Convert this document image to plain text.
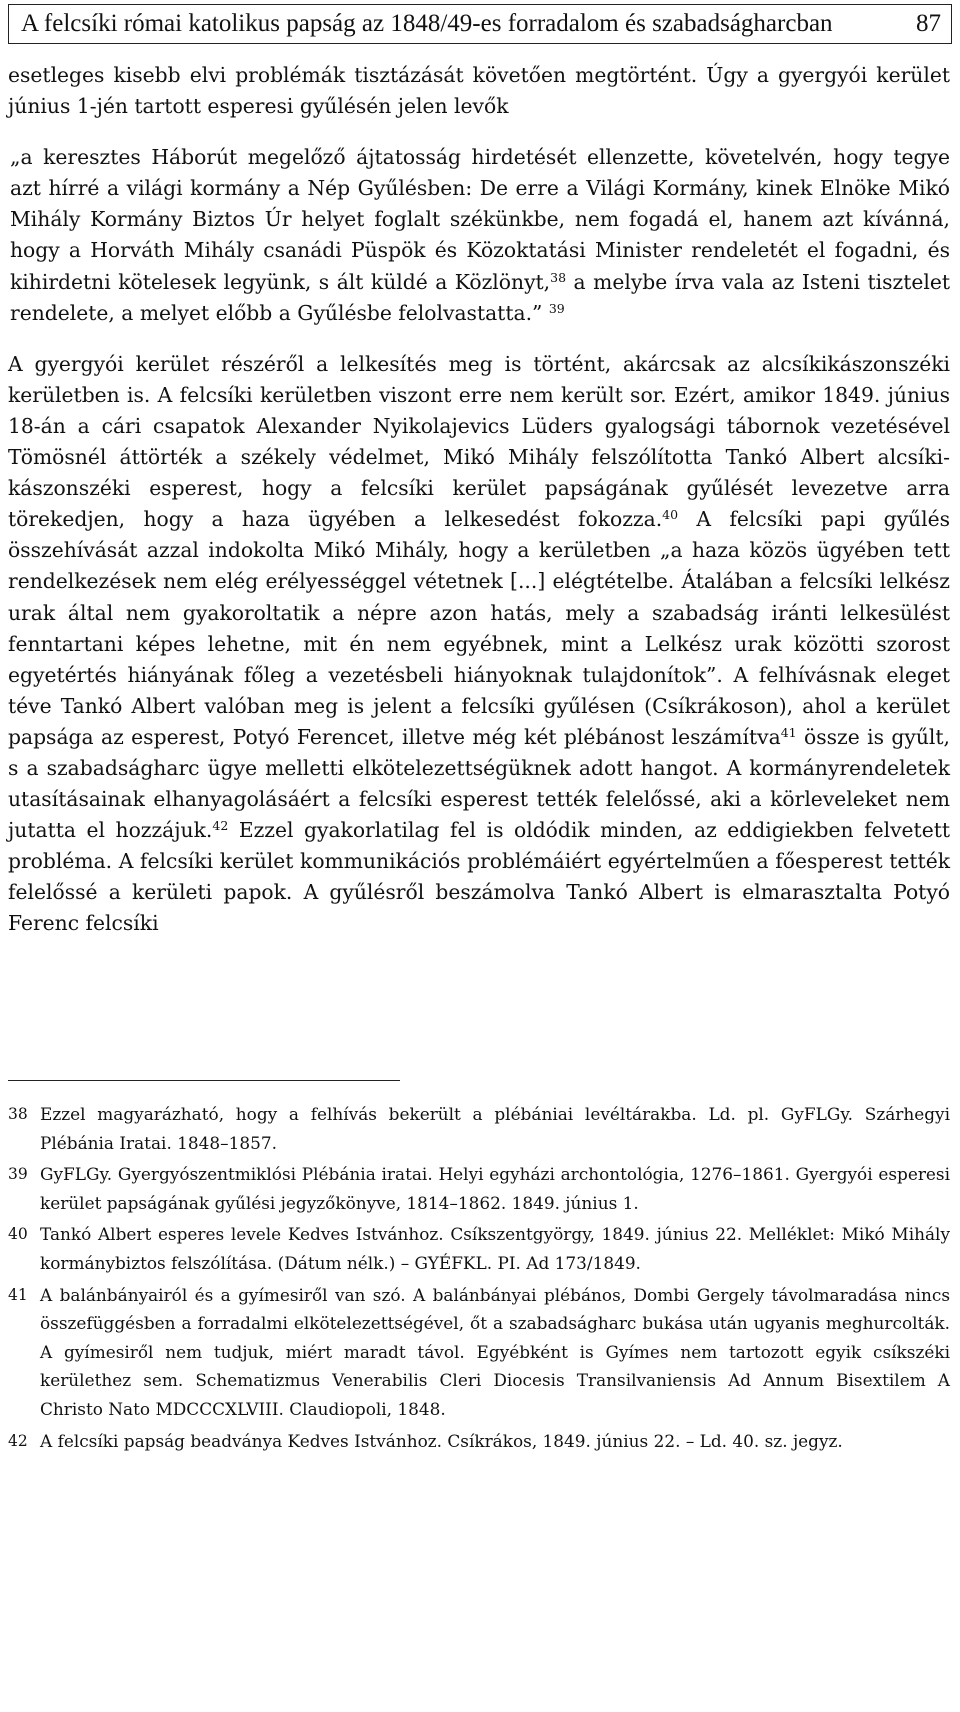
A felcsíki római katolikus papság az 1848/49-es forradalom és szabadságharcban	87

esetleges kisebb elvi problémák tisztázását követően megtörtént. Úgy a gyergyói kerület június 1-jén tartott esperesi gyűlésén jelen levők

„a keresztes Háborút megelőző ájtatosság hirdetését ellenzette, követelvén, hogy tegye azt hírré a világi kormány a Nép Gyűlésben: De erre a Világi Kormány, kinek Elnöke Mikó Mihály Kormány Biztos Úr helyet foglalt székünkbe, nem fogadá el, hanem azt kívánná, hogy a Horváth Mihály csanádi Püspök és Közoktatási Minister rendeletét el fogadni, és kihirdetni kötelesek legyünk, s ált küldé a Közlönyt,$^{38}$ a melybe írva vala az Isteni tisztelet rendelete, a melyet előbb a Gyűlésbe felolvastatta.” $^{39}$

A gyergyói kerület részéről a lelkesítés meg is történt, akárcsak az alcsíkikászonszéki kerületben is. A felcsíki kerületben viszont erre nem került sor. Ezért, amikor 1849. június 18-án a cári csapatok Alexander Nyikolajevics Lüders gyalogsági tábornok vezetésével Tömösnél áttörték a székely védelmet, Mikó Mihály felszólította Tankó Albert alcsíki-kászonszéki esperest, hogy a felcsíki kerület papságának gyűlését levezetve arra törekedjen, hogy a haza ügyében a lelkesedést fokozza.$^{40}$ A felcsíki papi gyűlés összehívását azzal indokolta Mikó Mihály, hogy a kerületben „a haza közös ügyében tett rendelkezések nem elég erélyességgel vétetnek [...] elégtételbe. Átalában a felcsíki lelkész urak által nem gyakoroltatik a népre azon hatás, mely a szabadság iránti lelkesülést fenntartani képes lehetne, mit én nem egyébnek, mint a Lelkész urak közötti szorost egyetértés hiányának főleg a vezetésbeli hiányoknak tulajdonítok”. A felhívásnak eleget téve Tankó Albert valóban meg is jelent a felcsíki gyűlésen (Csíkrákoson), ahol a kerület papsága az esperest, Potyó Ferencet, illetve még két plébánost leszámítva$^{41}$ össze is gyűlt, s a szabadságharc ügye melletti elkötelezettségüknek adott hangot. A kormányrendeletek utasításainak elhanyagolásáért a felcsíki esperest tették felelőssé, aki a körleveleket nem jutatta el hozzájuk.$^{42}$ Ezzel gyakorlatilag fel is oldódik minden, az eddigiekben felvetett probléma. A felcsíki kerület kommunikációs problémáiért egyértelműen a főesperest tették felelőssé a kerületi papok. A gyűlésről beszámolva Tankó Albert is elmarasztalta Potyó Ferenc felcsíki

38 Ezzel magyarázható, hogy a felhívás bekerült a plébániai levéltárakba. Ld. pl. GyFLGy. Szárhegyi Plébánia Iratai. 1848–1857.
39 GyFLGy. Gyergyószentmiklósi Plébánia iratai. Helyi egyházi archontológia, 1276–1861. Gyergyói esperesi kerület papságának gyűlési jegyzőkönyve, 1814–1862. 1849. június 1.
40 Tankó Albert esperes levele Kedves Istvánhoz. Csíkszentgyörgy, 1849. június 22. Melléklet: Mikó Mihály kormánybiztos felszólítása. (Dátum nélk.) – GYÉFKL. PI. Ad 173/1849.
41 A balánbányairól és a gyímesiről van szó. A balánbányai plébános, Dombi Gergely távolmaradása nincs összefüggésben a forradalmi elkötelezettségével, őt a szabadságharc bukása után ugyanis meghurcolták. A gyímesiről nem tudjuk, miért maradt távol. Egyébként is Gyímes nem tartozott egyik csíkszéki kerülethez sem. Schematizmus Venerabilis Cleri Diocesis Transilvaniensis Ad Annum Bisextilem A Christo Nato MDCCCXLVIII. Claudiopoli, 1848.
42 A felcsíki papság beadványa Kedves Istvánhoz. Csíkrákos, 1849. június 22. – Ld. 40. sz. jegyz.
